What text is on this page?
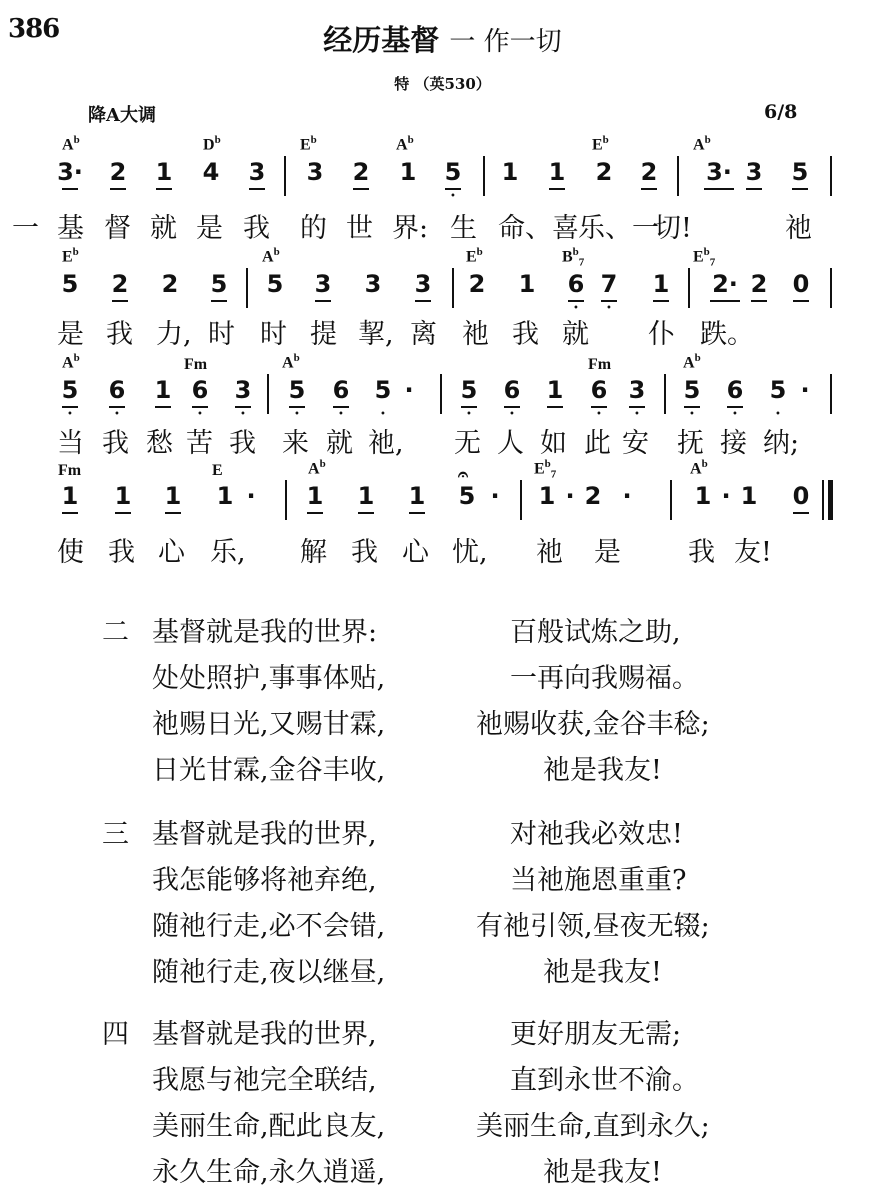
386	经历基督 一 作一切
特 （英530）
降A大调	6/8
$A^b$	$D^b$	$E^b$	$A^b$	$E^b$	$A^b$
3· 2 1 4 3 3 2 1 5
•
1 1 2 2	3· 3 5
一 基 督 就 是 我 的 世 界: 生 命、喜 乐、一
切!	祂
$E^b$	$A^b$	$E^b$	$B^b_7$	$E^b_7$
5 2 2 5 5 3 3 3 2 1 6
•
7
•
1	2· 2 0
是 我 力, 时 时 提 挈, 离 祂 我 就 仆 跌。
$A^b$	Fm	$A^b$	Fm	$A^b$
5
•
6
•
1 6
•
3
•
5
•
6
•
5
•
·	5
•
6
•
1 6
•
3
•
5
•
6
•
5
•
·
当 我 愁 苦 我 来 就 祂, 无 人 如 此 安 抚 接 纳;
Fm	E	$A^b$	𝄐	$E^b_7$	$A^b$
1 1 1 1 ·	1 1 1 5 ·	1 · 2 ·	1 · 1 0
使 我 心 乐, 解 我 心 忧, 祂 是 我 友!
二 基督就是我的世界:	百般试炼之助,
处处照护,事事体贴,	一再向我赐福。
祂赐日光,又赐甘霖,	祂赐收获,金谷丰稔;
日光甘霖,金谷丰收,	祂是我友!
三 基督就是我的世界,	对祂我必效忠!
我怎能够将祂弃绝,	当祂施恩重重?
随祂行走,必不会错,	有祂引领,昼夜无辍;
随祂行走,夜以继昼,	祂是我友!
四 基督就是我的世界,	更好朋友无需;
我愿与祂完全联结,	直到永世不渝。
美丽生命,配此良友,	美丽生命,直到永久;
永久生命,永久逍遥,	祂是我友!
